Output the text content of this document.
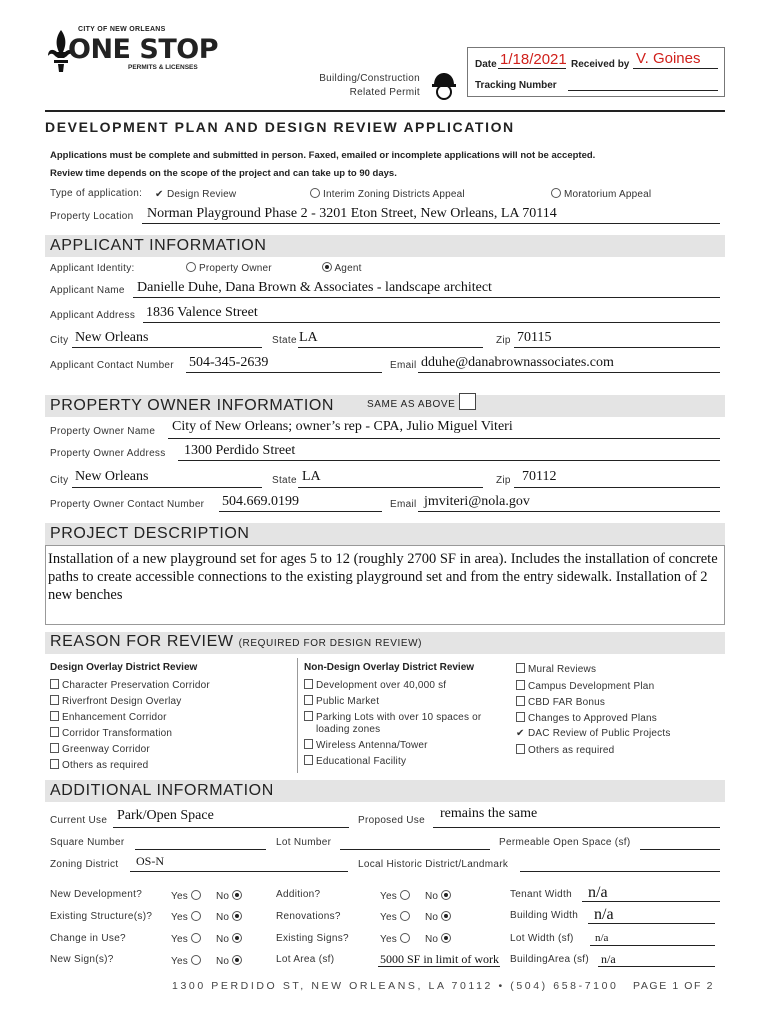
CITY OF NEW ORLEANS
ONE STOP
PERMITS & LICENSES
Building/Construction
Related Permit
Date 1/18/2021 Received by V. Goines
Tracking Number
DEVELOPMENT PLAN AND DESIGN REVIEW APPLICATION
Applications must be complete and submitted in person. Faxed, emailed or incomplete applications will not be accepted.
Review time depends on the scope of the project and can take up to 90 days.
Type of application: ✔ Design Review	Interim Zoning Districts Appeal	Moratorium Appeal
Property Location Norman Playground Phase 2 - 3201 Eton Street, New Orleans, LA 70114
APPLICANT INFORMATION
Applicant Identity:	Property Owner	Agent
Applicant Name Danielle Duhe, Dana Brown & Associates - landscape architect
Applicant Address 1836 Valence Street
City New Orleans	State LA	Zip 70115
Applicant Contact Number 504-345-2639	Email dduhe@danabrownassociates.com
PROPERTY OWNER INFORMATION	SAME AS ABOVE
Property Owner Name City of New Orleans; owner’s rep - CPA, Julio Miguel Viteri
Property Owner Address 1300 Perdido Street
City New Orleans	State LA	Zip 70112
Property Owner Contact Number 504.669.0199	Email jmviteri@nola.gov
PROJECT DESCRIPTION
Installation of a new playground set for ages 5 to 12 (roughly 2700 SF in area). Includes the installation of concrete paths to create accessible connections to the existing playground set and from the entry sidewalk. Installation of 2 new benches
REASON FOR REVIEW (REQUIRED FOR DESIGN REVIEW)
Design Overlay District Review
Character Preservation Corridor
Riverfront Design Overlay
Enhancement Corridor
Corridor Transformation
Greenway Corridor
Others as required
Non-Design Overlay District Review
Development over 40,000 sf
Public Market
Parking Lots with over 10 spaces or
loading zones
Wireless Antenna/Tower
Educational Facility
Mural Reviews
Campus Development Plan
CBD FAR Bonus
Changes to Approved Plans
✔ DAC Review of Public Projects
Others as required
ADDITIONAL INFORMATION
Current Use Park/Open Space	Proposed Use remains the same
Square Number	Lot Number	Permeable Open Space (sf)
Zoning District OS-N	Local Historic District/Landmark
New Development?	Yes	No	Addition?	Yes	No	Tenant Width n/a
Existing Structure(s)? Yes	No	Renovations?	Yes	No	Building Width n/a
Change in Use?	Yes	No	Existing Signs?	Yes	No	Lot Width (sf) n/a
New Sign(s)?	Yes	No	Lot Area (sf)	5000 SF in limit of work BuildingArea (sf) n/a
1300 PERDIDO ST, NEW ORLEANS, LA 70112 • (504) 658-7100 PAGE 1 OF 2
